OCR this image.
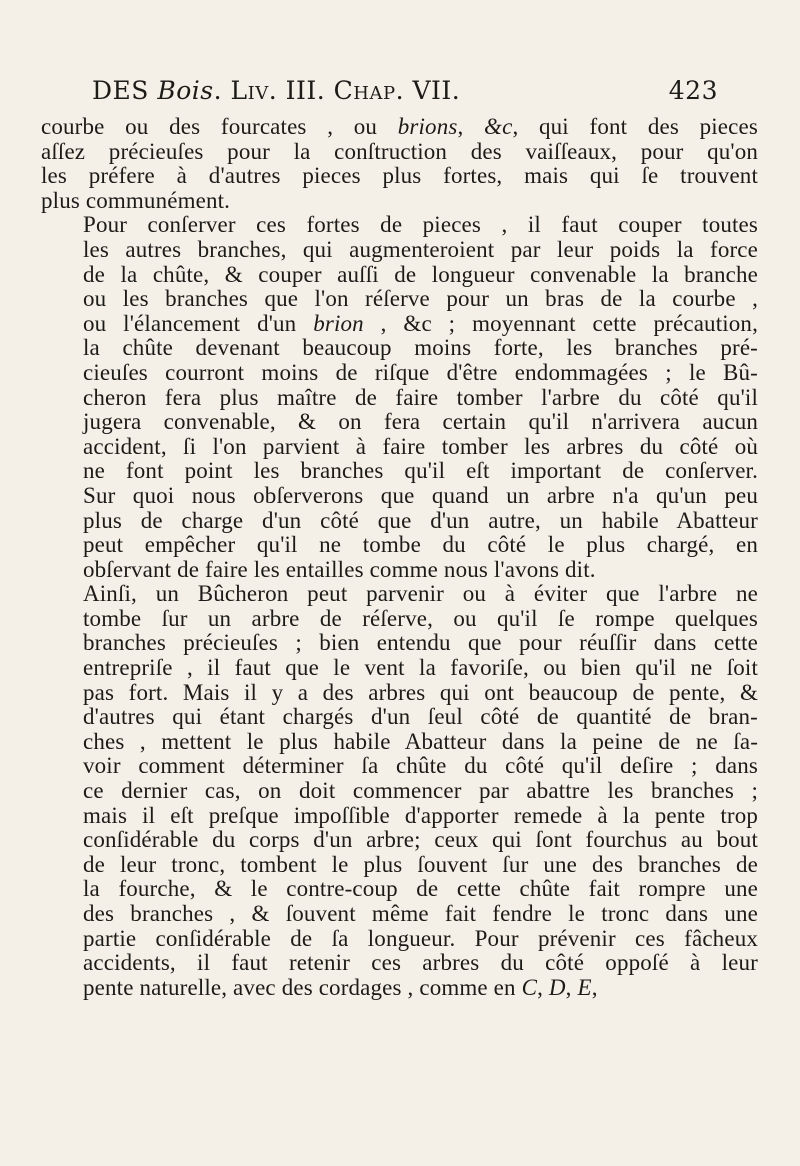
DES Bois. Liv. III. Chap. VII.	423
courbe ou des fourcates , ou brions, &c, qui font des pieces
aſſez précieuſes pour la conſtruction des vaiſſeaux, pour qu'on
les préfere à d'autres pieces plus fortes, mais qui ſe trouvent
plus communément.
Pour conſerver ces fortes de pieces , il faut couper toutes
les autres branches, qui augmenteroient par leur poids la force
de la chûte, & couper auſſi de longueur convenable la branche
ou les branches que l'on réſerve pour un bras de la courbe ,
ou l'élancement d'un brion , &c ; moyennant cette précaution,
la chûte devenant beaucoup moins forte, les branches pré-
cieuſes courront moins de riſque d'être endommagées ; le Bû-
cheron fera plus maître de faire tomber l'arbre du côté qu'il
jugera convenable, & on fera certain qu'il n'arrivera aucun
accident, ſi l'on parvient à faire tomber les arbres du côté où
ne font point les branches qu'il eſt important de conſerver.
Sur quoi nous obſerverons que quand un arbre n'a qu'un peu
plus de charge d'un côté que d'un autre, un habile Abatteur
peut empêcher qu'il ne tombe du côté le plus chargé, en
obſervant de faire les entailles comme nous l'avons dit.
Ainſi, un Bûcheron peut parvenir ou à éviter que l'arbre ne
tombe ſur un arbre de réſerve, ou qu'il ſe rompe quelques
branches précieuſes ; bien entendu que pour réuſſir dans cette
entrepriſe , il faut que le vent la favoriſe, ou bien qu'il ne ſoit
pas fort. Mais il y a des arbres qui ont beaucoup de pente, &
d'autres qui étant chargés d'un ſeul côté de quantité de bran-
ches , mettent le plus habile Abatteur dans la peine de ne ſa-
voir comment déterminer ſa chûte du côté qu'il deſire ; dans
ce dernier cas, on doit commencer par abattre les branches ;
mais il eſt preſque impoſſible d'apporter remede à la pente trop
conſidérable du corps d'un arbre; ceux qui ſont fourchus au bout
de leur tronc, tombent le plus ſouvent ſur une des branches de
la fourche, & le contre-coup de cette chûte fait rompre une
des branches , & ſouvent même fait fendre le tronc dans une
partie conſidérable de ſa longueur. Pour prévenir ces fâcheux
accidents, il faut retenir ces arbres du côté oppoſé à leur
pente naturelle, avec des cordages , comme en C, D, E,
